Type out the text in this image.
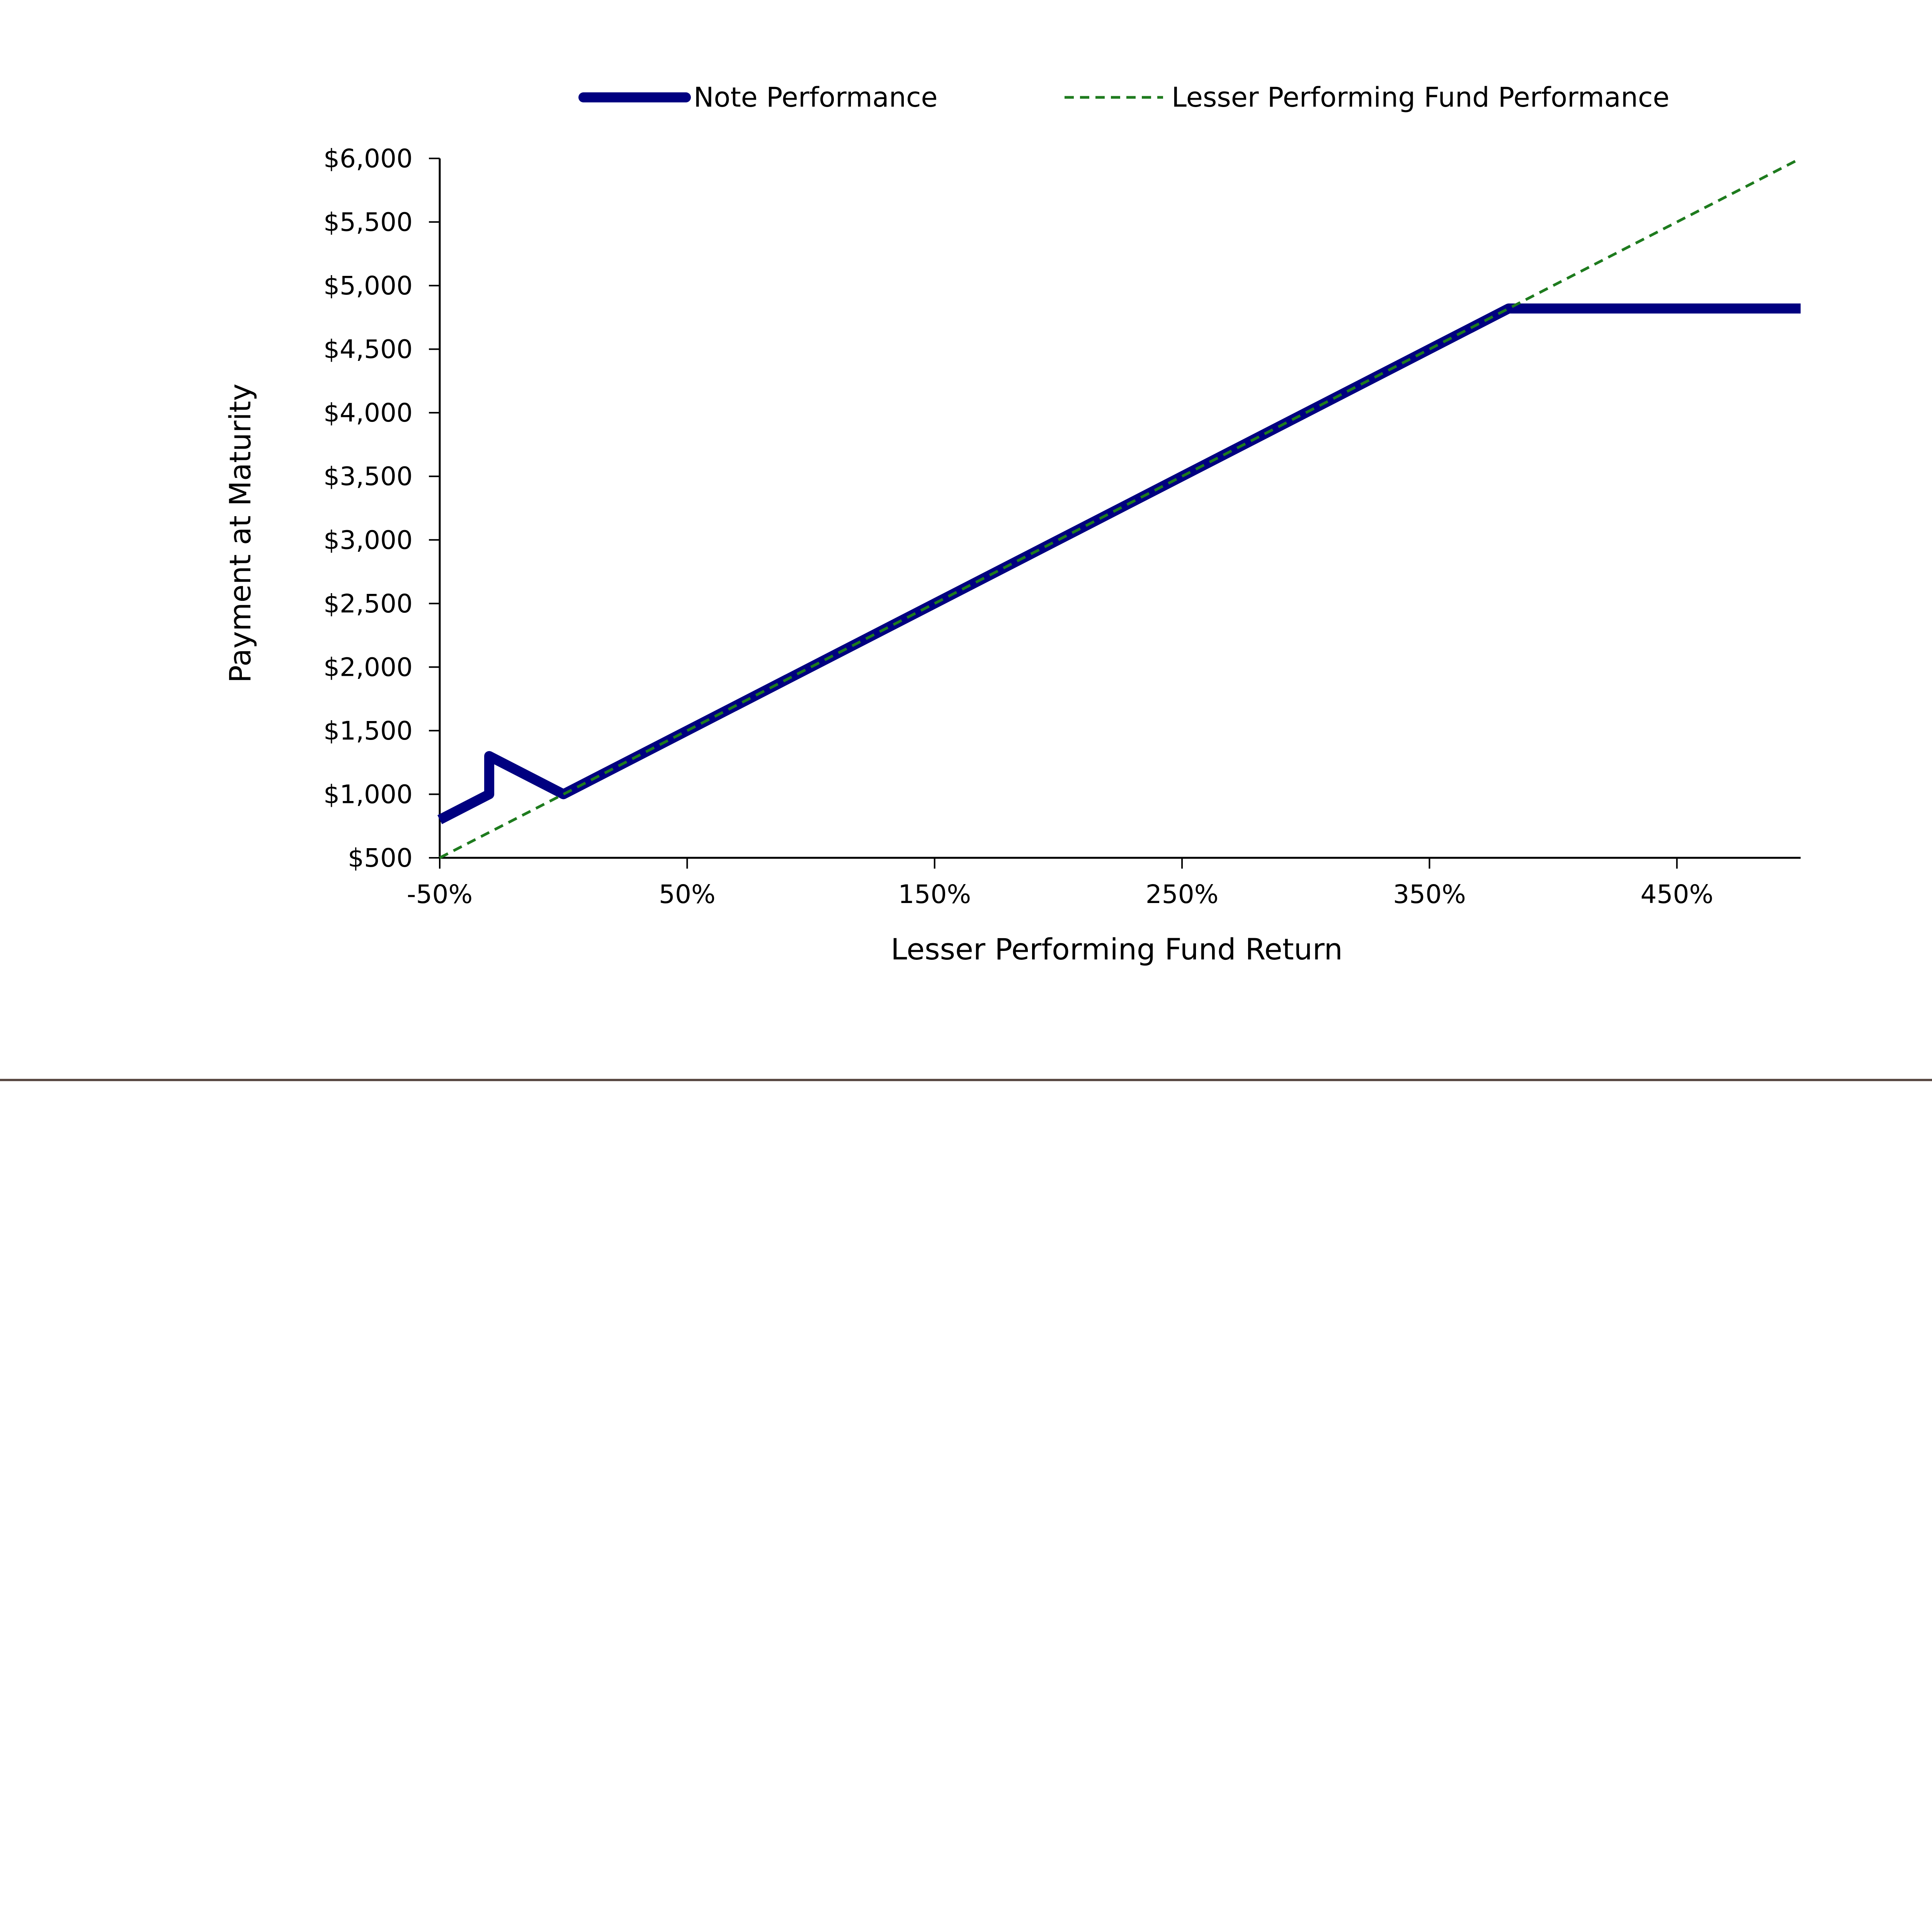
Note Performance	Lesser Performing Fund Performance
$500
$1,000
$1,500
$2,000
$2,500
$3,000
$3,500
$4,000
$4,500
$5,000
$5,500
$6,000
-50%	50%	150%	250%	350%	450%
Lesser Performing Fund Return
Payment at Maturity
